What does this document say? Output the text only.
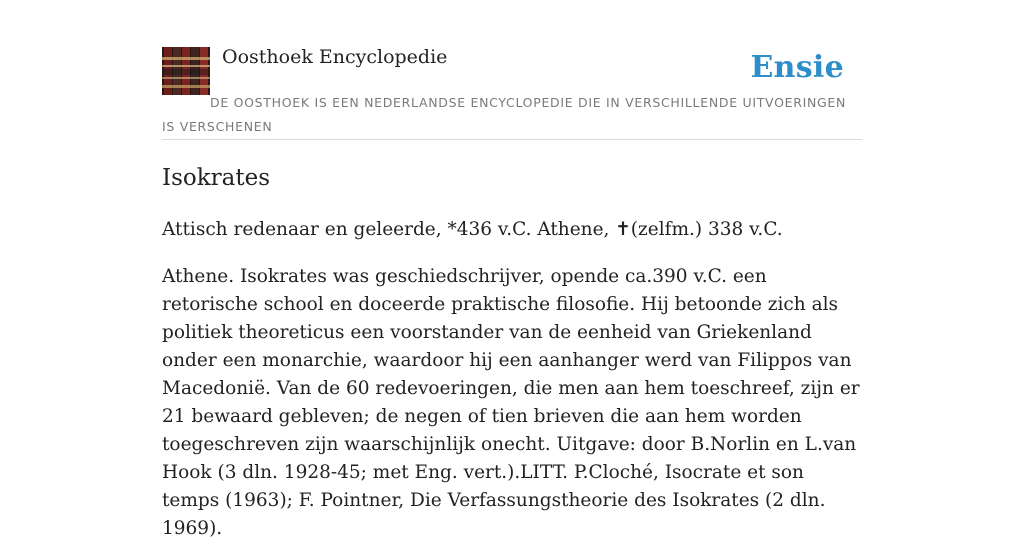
Oosthoek Encyclopedie	Ensie
DE OOSTHOEK IS EEN NEDERLANDSE ENCYCLOPEDIE DIE IN VERSCHILLENDE UITVOERINGEN IS VERSCHENEN
Isokrates

Attisch redenaar en geleerde, *436 v.C. Athene, ✝(zelfm.) 338 v.C.

Athene. Isokrates was geschiedschrijver, opende ca.390 v.C. een retorische school en doceerde praktische filosofie. Hij betoonde zich als politiek theoreticus een voorstander van de eenheid van Griekenland onder een monarchie, waardoor hij een aanhanger werd van Filippos van Macedonië. Van de 60 redevoeringen, die men aan hem toeschreef, zijn er 21 bewaard gebleven; de negen of tien brieven die aan hem worden toegeschreven zijn waarschijnlijk onecht. Uitgave: door B.Norlin en L.van Hook (3 dln. 1928-45; met Eng. vert.).LITT. P.Cloché, Isocrate et son temps (1963); F. Pointner, Die Verfassungstheorie des Isokrates (2 dln. 1969).
